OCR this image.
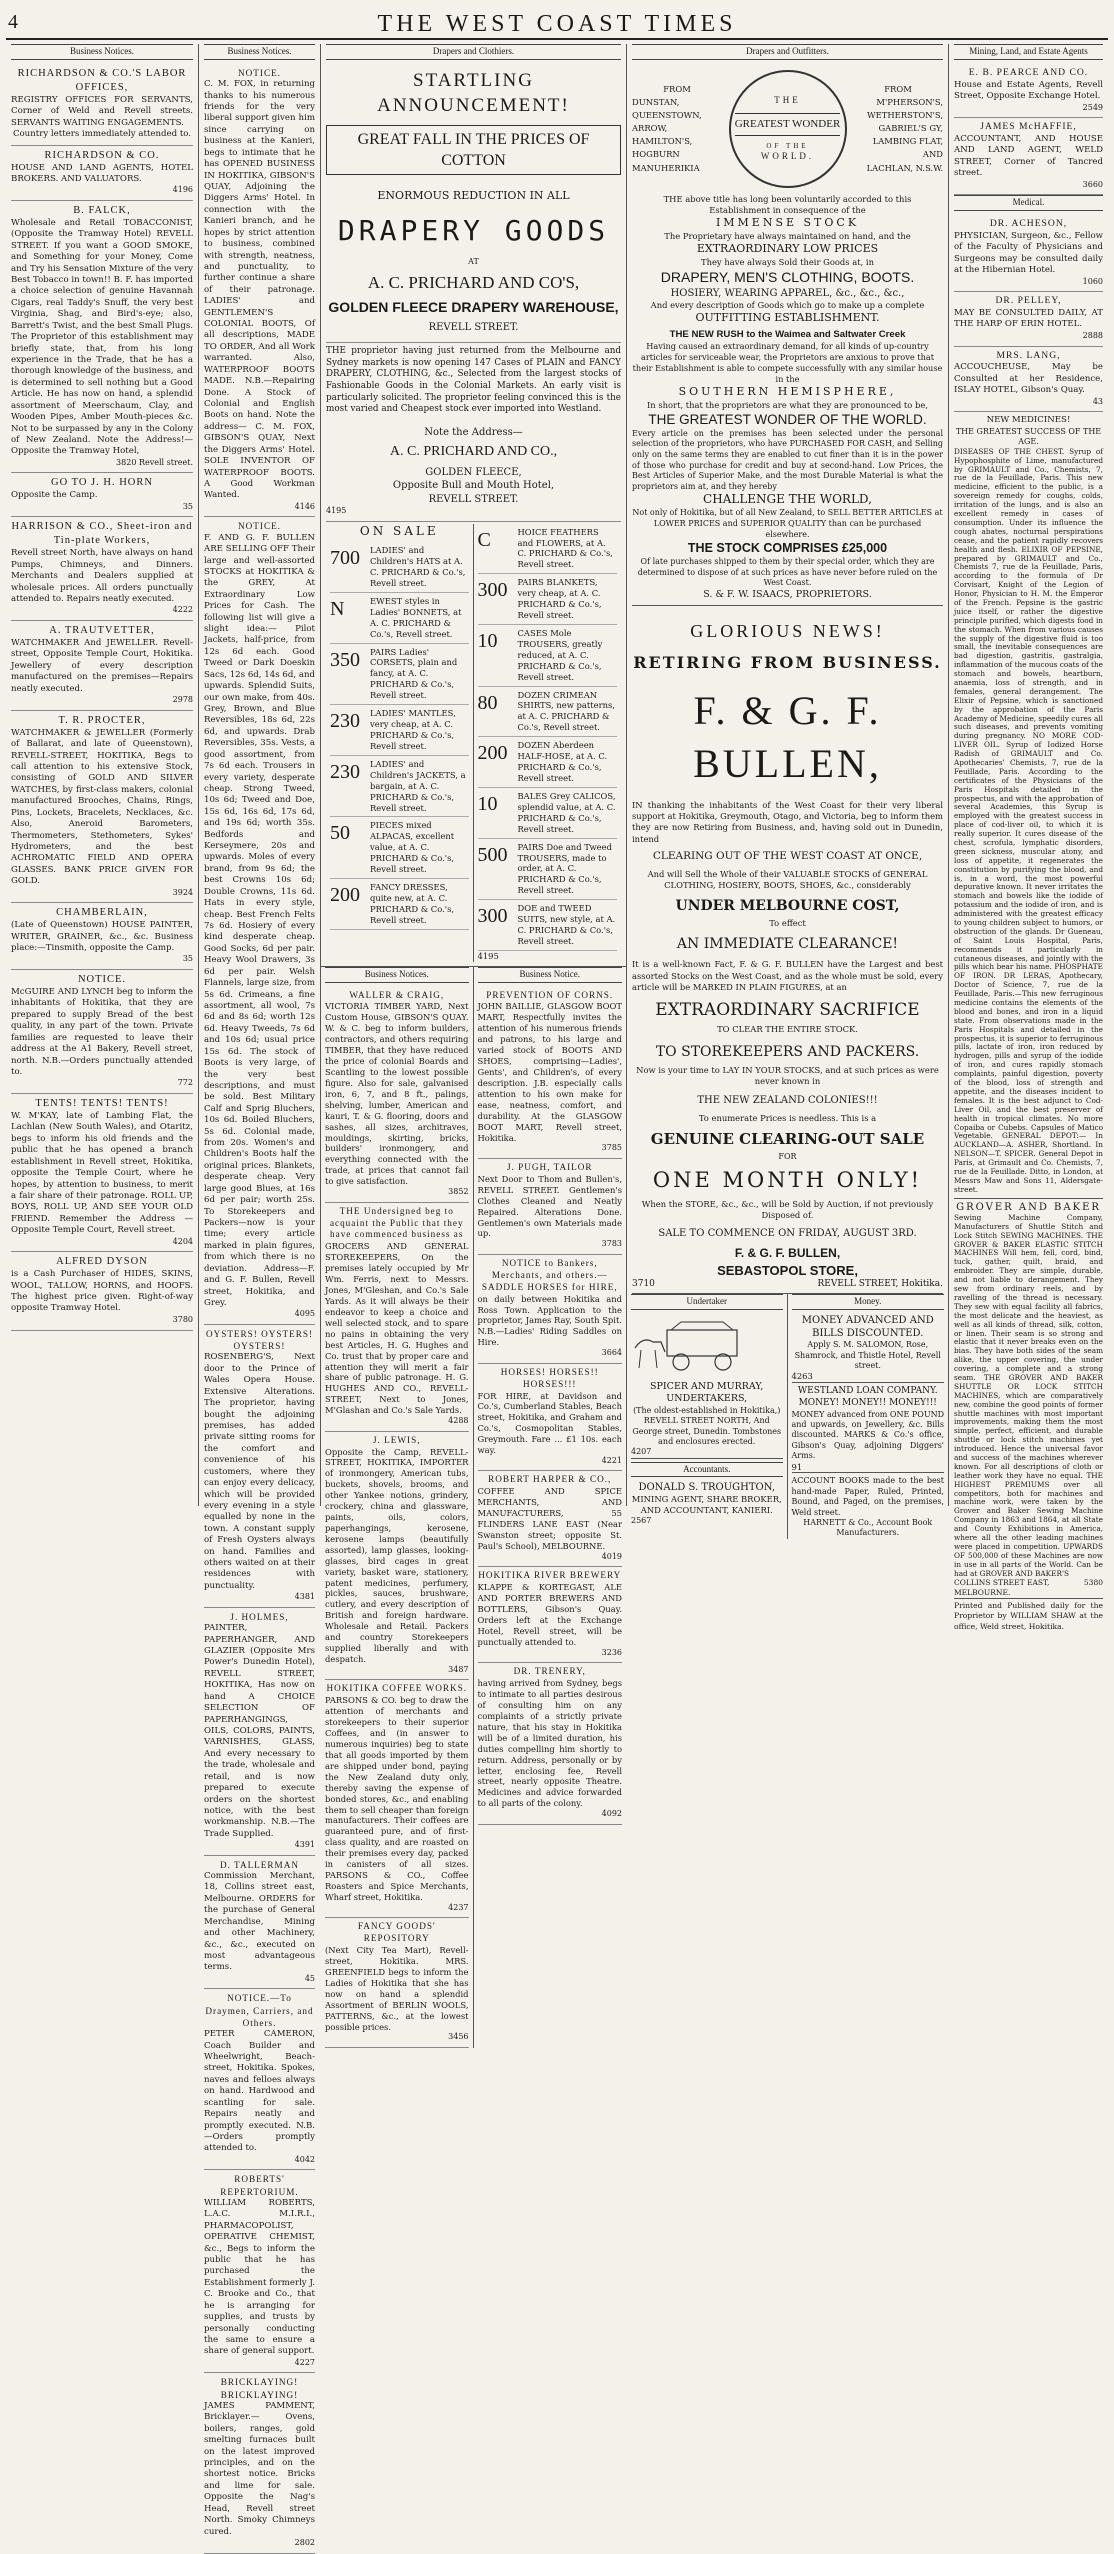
4	THE WEST COAST TIMES
Business Notices.
RICHARDSON & CO.'S LABOR OFFICES,
REGISTRY OFFICES FOR SERVANTS, Corner of Weld and Revell streets. SERVANTS WAITING ENGAGEMENTS.
Country letters immediately attended to.
RICHARDSON & CO.
HOUSE AND LAND AGENTS, HOTEL BROKERS. AND VALUATORS.
4196
B. FALCK,
Wholesale and Retail TOBACCONIST, (Opposite the Tramway Hotel) REVELL STREET. If you want a GOOD SMOKE, and Something for your Money, Come and Try his Sensation Mixture of the very Best Tobacco in town!! B. F. has imported a choice selection of genuine Havannah Cigars, real Taddy's Snuff, the very best Virginia, Shag, and Bird's-eye; also, Barrett's Twist, and the best Small Plugs. The Proprietor of this establishment may briefly state, that, from his long experience in the Trade, that he has a thorough knowledge of the business, and is determined to sell nothing but a Good Article. He has now on hand, a splendid assortment of Meerschaum, Clay, and Wooden Pipes, Amber Mouth-pieces &c. Not to be surpassed by any in the Colony of New Zealand. Note the Address!— Opposite the Tramway Hotel,
3820 Revell street.
GO TO J. H. HORN
Opposite the Camp.
35
HARRISON & CO., Sheet-iron and Tin-plate Workers,
Revell street North, have always on hand Pumps, Chimneys, and Dinners. Merchants and Dealers supplied at wholesale prices. All orders punctually attended to. Repairs neatly executed.
4222
A. TRAUTVETTER,
WATCHMAKER And JEWELLER. Revell-street, Opposite Temple Court, Hokitika. Jewellery of every description manufactured on the premises—Repairs neatly executed.
2978
T. R. PROCTER,
WATCHMAKER & JEWELLER (Formerly of Ballarat, and late of Queenstown), REVELL-STREET, HOKITIKA, Begs to call attention to his extensive Stock, consisting of GOLD AND SILVER WATCHES, by first-class makers, colonial manufactured Brooches, Chains, Rings, Pins, Lockets, Bracelets, Necklaces, &c. Also, Aneroid Barometers, Thermometers, Stethometers, Sykes' Hydrometers, and the best ACHROMATIC FIELD AND OPERA GLASSES. BANK PRICE GIVEN FOR GOLD.
3924
CHAMBERLAIN,
(Late of Queenstown) HOUSE PAINTER, WRITER, GRAINER, &c., &c. Business place:—Tinsmith, opposite the Camp.
35
NOTICE.
McGUIRE AND LYNCH beg to inform the inhabitants of Hokitika, that they are prepared to supply Bread of the best quality, in any part of the town. Private families are requested to leave their address at the A1 Bakery, Revell street, north. N.B.—Orders punctually attended to.
772
TENTS! TENTS! TENTS!
W. M'KAY, late of Lambing Flat, the Lachlan (New South Wales), and Otaritz, begs to inform his old friends and the public that he has opened a branch establishment in Revell street, Hokitika, opposite the Temple Court, where he hopes, by attention to business, to merit a fair share of their patronage. ROLL UP, BOYS, ROLL UP, AND SEE YOUR OLD FRIEND. Remember the Address — Opposite Temple Court, Revell street.
4204
ALFRED DYSON
is a Cash Purchaser of HIDES, SKINS, WOOL, TALLOW, HORNS, and HOOFS. The highest price given. Right-of-way opposite Tramway Hotel.
3780
Business Notices.
NOTICE.
C. M. FOX, in returning thanks to his numerous friends for the very liberal support given him since carrying on business at the Kanieri, begs to intimate that he has OPENED BUSINESS IN HOKITIKA, GIBSON'S QUAY, Adjoining the Diggers Arms' Hotel. In connection with the Kanieri branch, and he hopes by strict attention to business, combined with strength, neatness, and punctuality, to further continue a share of their patronage. LADIES' and GENTLEMEN'S COLONIAL BOOTS, Of all descriptions, MADE TO ORDER, And all Work warranted. Also, WATERPROOF BOOTS MADE. N.B.—Repairing Done. A Stock of Colonial and English Boots on hand. Note the address— C. M. FOX, GIBSON'S QUAY, Next the Diggers Arms' Hotel. SOLE INVENTOR OF WATERPROOF BOOTS. A Good Workman Wanted.
4146
NOTICE.
F. AND G. F. BULLEN ARE SELLING OFF Their large and well-assorted STOCKS at HOKITIKA & the GREY, At Extraordinary Low Prices for Cash. The following list will give a slight idea:— Pilot Jackets, half-price, from 12s 6d each. Good Tweed or Dark Doeskin Sacs, 12s 6d, 14s 6d, and upwards. Splendid Suits, our own make, from 40s. Grey, Brown, and Blue Reversibles, 18s 6d, 22s 6d, and upwards. Drab Reversibles, 35s. Vests, a good assortment, from 7s 6d each. Trousers in every variety, desperate cheap. Strong Tweed, 10s 6d; Tweed and Doe, 15s 6d, 16s 6d, 17s 6d, and 19s 6d; worth 35s. Bedfords and Kerseymere, 20s and upwards. Moles of every brand, from 9s 6d; the best Crowns 10s 6d; Double Crowns, 11s 6d. Hats in every style, cheap. Best French Felts 7s 6d. Hosiery of every kind desperate cheap. Good Socks, 6d per pair. Heavy Wool Drawers, 3s 6d per pair. Welsh Flannels, large size, from 5s 6d. Crimeans, a fine assortment, all wool, 7s 6d and 8s 6d; worth 12s 6d. Heavy Tweeds, 7s 6d and 10s 6d; usual price 15s 6d. The stock of Boots is very large, of the very best descriptions, and must be sold. Best Military Calf and Sprig Bluchers, 10s 6d. Boiled Bluchers, 5s 6d. Colonial made, from 20s. Women's and Children's Boots half the original prices. Blankets, desperate cheap. Very large good Blues, at 16s 6d per pair; worth 25s. To Storekeepers and Packers—now is your time; every article marked in plain figures, from which there is no deviation. Address—F. and G. F. Bullen, Revell street, Hokitika, and Grey.
4095
OYSTERS! OYSTERS! OYSTERS!
ROSENBERG'S, Next door to the Prince of Wales Opera House. Extensive Alterations. The proprietor, having bought the adjoining premises, has added private sitting rooms for the comfort and convenience of his customers, where they can enjoy every delicacy, which will be provided every evening in a style equalled by none in the town. A constant supply of Fresh Oysters always on hand. Families and others waited on at their residences with punctuality.
4381
J. HOLMES,
PAINTER, PAPERHANGER, AND GLAZIER (Opposite Mrs Power's Dunedin Hotel), REVELL STREET, HOKITIKA, Has now on hand A CHOICE SELECTION OF PAPERHANGINGS, OILS, COLORS, PAINTS, VARNISHES, GLASS, And every necessary to the trade, wholesale and retail, and is now prepared to execute orders on the shortest notice, with the best workmanship. N.B.—The Trade Supplied.
4391
D. TALLERMAN
Commission Merchant, 18, Collins street east, Melbourne. ORDERS for the purchase of General Merchandise, Mining and other Machinery, &c., &c., executed on most advantageous terms.
45
NOTICE.—To Draymen, Carriers, and Others.
PETER CAMERON, Coach Builder and Wheelwright, Beach-street, Hokitika. Spokes, naves and felloes always on hand. Hardwood and scantling for sale. Repairs neatly and promptly executed. N.B.—Orders promptly attended to.
4042
ROBERTS' REPERTORIUM.
WILLIAM ROBERTS, L.A.C. M.I.R.I., PHARMACOPOLIST, OPERATIVE CHEMIST, &c., Begs to inform the public that he has purchased the Establishment formerly J. C. Brooke and Co., that he is arranging for supplies, and trusts by personally conducting the same to ensure a share of general support.
4227
BRICKLAYING! BRICKLAYING!
JAMES PAMMENT, Bricklayer.— Ovens, boilers, ranges, gold smelting furnaces built on the latest improved principles, and on the shortest notice. Bricks and lime for sale. Opposite the Nag's Head, Revell street North. Smoky Chimneys cured.
2802
Drapers and Clothiers.
STARTLING ANNOUNCEMENT!
GREAT FALL IN THE PRICES OF COTTON
ENORMOUS REDUCTION IN ALL
DRAPERY GOODS
AT
A. C. PRICHARD AND CO'S,
GOLDEN FLEECE DRAPERY WAREHOUSE,
REVELL STREET.
THE proprietor having just returned from the Melbourne and Sydney markets is now opening 147 Cases of PLAIN and FANCY DRAPERY, CLOTHING, &c., Selected from the largest stocks of Fashionable Goods in the Colonial Markets. An early visit is particularly solicited. The proprietor feeling convinced this is the most varied and Cheapest stock ever imported into Westland.
Note the Address—
A. C. PRICHARD AND CO.,
GOLDEN FLEECE,
Opposite Bull and Mouth Hotel,
REVELL STREET.
4195
ON SALE
700	LADIES' and Children's HATS at A. C. PRICHARD & Co.'s, Revell street.
N	EWEST styles in Ladies' BONNETS, at A. C. PRICHARD & Co.'s, Revell street.
350	PAIRS Ladies' CORSETS, plain and fancy, at A. C. PRICHARD & Co.'s, Revell street.
230	LADIES' MANTLES, very cheap, at A. C. PRICHARD & Co.'s, Revell street.
230	LADIES' and Children's JACKETS, a bargain, at A. C. PRICHARD & Co.'s, Revell street.
50	PIECES mixed ALPACAS, excellent value, at A. C. PRICHARD & Co.'s, Revell street.
200	FANCY DRESSES, quite new, at A. C. PRICHARD & Co.'s, Revell street.
C	HOICE FEATHERS and FLOWERS, at A. C. PRICHARD & Co.'s, Revell street.
300	PAIRS BLANKETS, very cheap, at A. C. PRICHARD & Co.'s, Revell street.
10	CASES Mole TROUSERS, greatly reduced, at A. C. PRICHARD & Co.'s, Revell street.
80	DOZEN CRIMEAN SHIRTS, new patterns, at A. C. PRICHARD & Co.'s, Revell street.
200	DOZEN Aberdeen HALF-HOSE, at A. C. PRICHARD & Co.'s, Revell street.
10	BALES Grey CALICOS, splendid value, at A. C. PRICHARD & Co.'s, Revell street.
500	PAIRS Doe and Tweed TROUSERS, made to order, at A. C. PRICHARD & Co.'s, Revell street.
300	DOE and TWEED SUITS, new style, at A. C. PRICHARD & Co.'s, Revell street.
4195
Business Notices.
WALLER & CRAIG,
VICTORIA TIMBER YARD, Next Custom House, GIBSON'S QUAY. W. & C. beg to inform builders, contractors, and others requiring TIMBER, that they have reduced the price of colonial Boards and Scantling to the lowest possible figure. Also for sale, galvanised iron, 6, 7, and 8 ft., palings, shelving, lumber, American and kauri, T. & G. flooring, doors and sashes, all sizes, architraves, mouldings, skirting, bricks, builders' ironmongery, and everything connected with the trade, at prices that cannot fail to give satisfaction.
3852
THE Undersigned beg to acquaint the Public that they have commenced business as
GROCERS AND GENERAL STOREKEEPERS, On the premises lately occupied by Mr Wm. Ferris, next to Messrs. Jones, M'Gleshan, and Co.'s Sale Yards. As it will always be their endeavor to keep a choice and well selected stock, and to spare no pains in obtaining the very best Articles, H. G. Hughes and Co. trust that by proper care and attention they will merit a fair share of public patronage. H. G. HUGHES AND CO., REVELL-STREET, Next to Jones, M'Glashan and Co.'s Sale Yards.
4288
J. LEWIS,
Opposite the Camp, REVELL-STREET, HOKITIKA, IMPORTER of ironmongery, American tubs, buckets, shovels, brooms, and other Yankee notions, grindery, crockery, china and glassware, paints, oils, colors, paperhangings, kerosene, kerosene lamps (beautifully assorted), lamp glasses, looking-glasses, bird cages in great variety, basket ware, stationery, patent medicines, perfumery, pickles, sauces, brushware, cutlery, and every description of British and foreign hardware. Wholesale and Retail. Packers and country Storekeepers supplied liberally and with despatch.
3487
HOKITIKA COFFEE WORKS.
PARSONS & CO. beg to draw the attention of merchants and storekeepers to their superior Coffees, and (in answer to numerous inquiries) beg to state that all goods imported by them are shipped under bond, paying the New Zealand duty only, thereby saving the expense of bonded stores, &c., and enabling them to sell cheaper than foreign manufacturers. Their coffees are guaranteed pure, and of first-class quality, and are roasted on their premises every day, packed in canisters of all sizes. PARSONS & CO., Coffee Roasters and Spice Merchants, Wharf street, Hokitika.
4237
FANCY GOODS' REPOSITORY
(Next City Tea Mart), Revell-street, Hokitika. MRS. GREENFIELD begs to inform the Ladies of Hokitika that she has now on hand a splendid Assortment of BERLIN WOOLS, PATTERNS, &c., at the lowest possible prices.
3456
Business Notice.
PREVENTION OF CORNS.
JOHN BAILLIE, GLASGOW BOOT MART, Respectfully invites the attention of his numerous friends and patrons, to his large and varied stock of BOOTS AND SHOES, comprising—Ladies', Gents', and Children's, of every description. J.B. especially calls attention to his own make for ease, neatness, comfort, and durability. At the GLASGOW BOOT MART, Revell street, Hokitika.
3785
J. PUGH, TAILOR
Next Door to Thom and Bullen's, REVELL STREET. Gentlemen's Clothes Cleaned and Neatly Repaired. Alterations Done. Gentlemen's own Materials made up.
3783
NOTICE to Bankers, Merchants, and others.—SADDLE HORSES for HIRE,
on daily between Hokitika and Ross Town. Application to the proprietor, James Ray, South Spit. N.B.—Ladies' Riding Saddles on Hire.
3664
HORSES! HORSES!! HORSES!!!
FOR HIRE, at Davidson and Co.'s, Cumberland Stables, Beach street, Hokitika, and Graham and Co.'s, Cosmopolitan Stables, Greymouth. Fare ... £1 10s. each way.
4221
ROBERT HARPER & CO.,
COFFEE AND SPICE MERCHANTS, AND MANUFACTURERS, 55 FLINDERS LANE EAST (Near Swanston street; opposite St. Paul's School), MELBOURNE.
4019
HOKITIKA RIVER BREWERY
KLAPPE & KORTEGAST, ALE AND PORTER BREWERS AND BOTTLERS, Gibson's Quay. Orders left at the Exchange Hotel, Revell street, will be punctually attended to.
3236
DR. TRENERY,
having arrived from Sydney, begs to intimate to all parties desirous of consulting him on any complaints of a strictly private nature, that his stay in Hokitika will be of a limited duration, his duties compelling him shortly to return. Address, personally or by letter, enclosing fee, Revell street, nearly opposite Theatre. Medicines and advice forwarded to all parts of the colony.
4092
Drapers and Outfitters.
FROM
DUNSTAN,
QUEENSTOWN,
ARROW,
HAMILTON'S,
HOGBURN
MANUHERIKIA
THE
GREATEST WONDER
OF THE
WORLD.
FROM
M'PHERSON'S,
WETHERSTON'S,
GABRIEL'S GY,
LAMBING FLAT,
AND
LACHLAN, N.S.W.
THE above title has long been voluntarily accorded to this Establishment in consequence of the
IMMENSE STOCK
The Proprietary have always maintained on hand, and the
EXTRAORDINARY LOW PRICES
They have always Sold their Goods at, in
DRAPERY, MEN'S CLOTHING, BOOTS.
HOSIERY, WEARING APPAREL, &c., &c., &c.,
And every description of Goods which go to make up a complete
OUTFITTING ESTABLISHMENT.
THE NEW RUSH to the Waimea and Saltwater Creek
Having caused an extraordinary demand, for all kinds of up-country articles for serviceable wear, the Proprietors are anxious to prove that their Establishment is able to compete successfully with any similar house in the
SOUTHERN HEMISPHERE,
In short, that the proprietors are what they are pronounced to be,
THE GREATEST WONDER OF THE WORLD.
Every article on the premises has been selected under the personal selection of the proprietors, who have PURCHASED FOR CASH, and Selling only on the same terms they are enabled to cut finer than it is in the power of those who purchase for credit and buy at second-hand. Low Prices, the Best Articles of Superior Make, and the most Durable Material is what the proprietors aim at, and they hereby
CHALLENGE THE WORLD,
Not only of Hokitika, but of all New Zealand, to SELL BETTER ARTICLES at LOWER PRICES and SUPERIOR QUALITY than can be purchased elsewhere.
THE STOCK COMPRISES £25,000
Of late purchases shipped to them by their special order, which they are determined to dispose of at such prices as have never before ruled on the West Coast.
S. & F. W. ISAACS, PROPRIETORS.
GLORIOUS NEWS!
RETIRING FROM BUSINESS.
F. & G. F. BULLEN,
IN thanking the inhabitants of the West Coast for their very liberal support at Hokitika, Greymouth, Otago, and Victoria, beg to inform them they are now Retiring from Business, and, having sold out in Dunedin, intend
CLEARING OUT OF THE WEST COAST AT ONCE,
And will Sell the Whole of their VALUABLE STOCKS of GENERAL CLOTHING, HOSIERY, BOOTS, SHOES, &c., considerably
UNDER MELBOURNE COST,
To effect
AN IMMEDIATE CLEARANCE!
It is a well-known Fact, F. & G. F. BULLEN have the Largest and best assorted Stocks on the West Coast, and as the whole must be sold, every article will be MARKED IN PLAIN FIGURES, at an
EXTRAORDINARY SACRIFICE
TO CLEAR THE ENTIRE STOCK.
TO STOREKEEPERS AND PACKERS.
Now is your time to LAY IN YOUR STOCKS, and at such prices as were never known in
THE NEW ZEALAND COLONIES!!!
To enumerate Prices is needless. This is a
GENUINE CLEARING-OUT SALE
FOR
ONE MONTH ONLY!
When the STORE, &c., &c., will be Sold by Auction, if not previously Disposed of.
SALE TO COMMENCE ON FRIDAY, AUGUST 3RD.
F. & G. F. BULLEN,
SEBASTOPOL STORE,
3710	REVELL STREET, Hokitika.
Undertaker
SPICER AND MURRAY, UNDERTAKERS,
(The oldest-established in Hokitika,) REVELL STREET NORTH, And George street, Dunedin. Tombstones and enclosures erected.
4207
Accountants.
DONALD S. TROUGHTON,
MINING AGENT, SHARE BROKER, AND ACCOUNTANT, KANIERI.
2567
Money.
MONEY ADVANCED AND BILLS DISCOUNTED.
Apply S. M. SALOMON, Rose, Shamrock, and Thistle Hotel, Revell street.
4263
WESTLAND LOAN COMPANY.
MONEY! MONEY!! MONEY!!!
MONEY advanced from ONE POUND and upwards, on Jewellery, &c. Bills discounted. MARKS & Co.'s office, Gibson's Quay, adjoining Diggers' Arms.
91
ACCOUNT BOOKS made to the best hand-made Paper, Ruled, Printed, Bound, and Paged, on the premises, Weld street.
HARNETT & Co., Account Book Manufacturers.
Mining, Land, and Estate Agents
E. B. PEARCE AND CO.
House and Estate Agents, Revell Street, Opposite Exchange Hotel.
2549
JAMES McHAFFIE,
ACCOUNTANT, AND HOUSE AND LAND AGENT, WELD STREET, Corner of Tancred street.
3660
Medical.
DR. ACHESON,
PHYSICIAN, Surgeon, &c., Fellow of the Faculty of Physicians and Surgeons may be consulted daily at the Hibernian Hotel.
1060
DR. PELLEY,
MAY BE CONSULTED DAILY, AT THE HARP OF ERIN HOTEL.
2888
MRS. LANG,
ACCOUCHEUSE, May be Consulted at her Residence, ISLAY HOTEL, Gibson's Quay.
43
NEW MEDICINES!
THE GREATEST SUCCESS OF THE AGE.
DISEASES OF THE CHEST. Syrup of Hypophosphite of Lime, manufactured by GRIMAULT and Co., Chemists, 7, rue de la Feuillade, Paris. This new medicine, efficient to the public, is a sovereign remedy for coughs, colds, irritation of the lungs, and is also an excellent remedy in cases of consumption. Under its influence the cough abates, nocturnal perspirations cease, and the patient rapidly recovers health and flesh. ELIXIR OF PEPSINE, prepared by GRIMAULT and Co., Chemists 7, rue de la Feuillade, Paris, according to the formula of Dr Corvisart, Knight of the Legion of Honor, Physician to H. M. the Emperor of the French. Pepsine is the gastric juice itself, or rather the digestive principle purified, which digests food in the stomach. When from various causes the supply of the digestive fluid is too small, the inevitable consequences are bad digestion, gastritis, gastralgia, inflammation of the mucous coats of the stomach and bowels, heartburn, anaemia, loss of strength, and in females, general derangement. The Elixir of Pepsine, which is sanctioned by the approbation of the Paris Academy of Medicine, speedily cures all such diseases, and prevents vomiting during pregnancy. NO MORE COD-LIVER OIL. Syrup of Iodized Horse Radish of GRIMAULT and Co. Apothecaries' Chemists, 7, rue de la Feuillade, Paris. According to the certificates of the Physicians of the Paris Hospitals detailed in the prospectus, and with the approbation of several Academies, this Syrup is employed with the greatest success in place of cod-liver oil, to which it is really superior. It cures disease of the chest, scrofula, lymphatic disorders, green sickness, muscular atony, and loss of appetite, it regenerates the constitution by purifying the blood, and is, in a word, the most powerful depurative known. It never irritates the stomach and bowels like the iodide of potassium and the iodide of iron, and is administered with the greatest efficacy to young children subject to humors, or obstruction of the glands. Dr Gueneau, of Saint Louis Hospital, Paris, recommends it particularly in cutaneous diseases, and jointly with the pills which bear his name. PHOSPHATE OF IRON. DR LERAS, Apothecary, Doctor of Science, 7, rue de la Feuillade, Paris.—This new ferruginous medicine contains the elements of the blood and bones, and iron in a liquid state. From observations made in the Paris Hospitals and detailed in the prospectus, it is superior to ferruginous pills, lactate of iron, iron reduced by hydrogen, pills and syrup of the iodide of iron, and cures rapidly stomach complaints, painful digestion, poverty of the blood, loss of strength and appetite, and the diseases incident to females. It is the best adjunct to Cod-Liver Oil, and the best preserver of health in tropical climates. No more Copaiba or Cubebs. Capsules of Matico Vegetable. GENERAL DEPOT:— In AUCKLAND—A. ASHER, Shortland. In NELSON—T. SPICER. General Depot in Paris, at Grimault and Co. Chemists, 7, rue de la Feuillade. Ditto, in London, at Messrs Maw and Sons 11, Aldersgate-street.
GROVER AND BAKER
Sewing Machine Company, Manufacturers of Shuttle Stitch and Lock Stitch SEWING MACHINES. THE GROVER & BAKER ELASTIC STITCH MACHINES Will hem, fell, cord, bind, tuck, gather, quilt, braid, and embroider. They are simple, durable, and not liable to derangement. They sew from ordinary reels, and by ravelling of the thread is necessary. They sew with equal facility all fabrics, the most delicate and the heaviest, as well as all kinds of thread, silk, cotton, or linen. Their seam is so strong and elastic that it never breaks even on the bias. They have both sides of the seam alike, the upper covering, the under covering, a complete and a strong seam. THE GROVER AND BAKER SHUTTLE OR LOCK STITCH MACHINES, which are comparatively new, combine the good points of former shuttle machines with most important improvements, making them the most simple, perfect, efficient, and durable shuttle or lock stitch machines yet introduced. Hence the universal favor and success of the machines wherever known. For all descriptions of cloth or leather work they have no equal. THE HIGHEST PREMIUMS over all competitors, both for machines and machine work, were taken by the Grover and Baker Sewing Machine Company in 1863 and 1864, at all State and County Exhibitions in America, where all the other leading machines were placed in competition. UPWARDS OF 500,000 of these Machines are now in use in all parts of the World. Can be had at GROVER AND BAKER'S
COLLINS STREET EAST, MELBOURNE.
5380
Printed and Published daily for the Proprietor by WILLIAM SHAW at the office, Weld street, Hokitika.
